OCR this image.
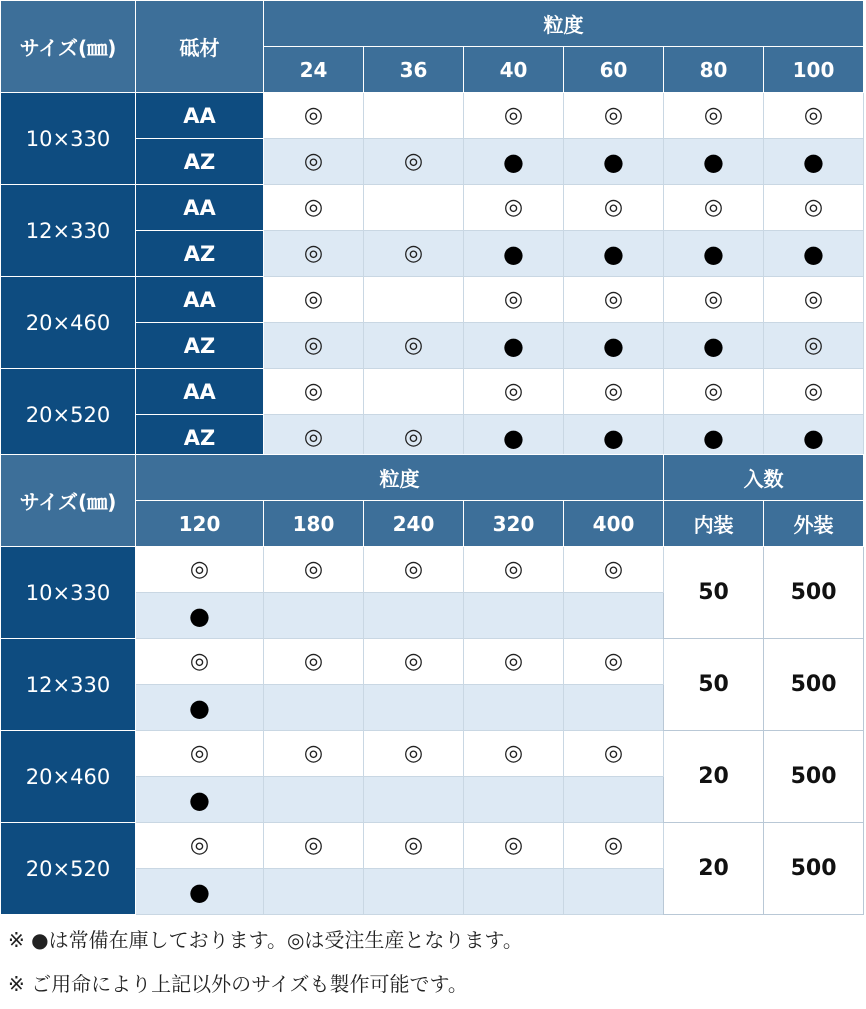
サイズ(㎜)	砥材	粒度					
		24	36	40	60	80	100
10×330	AA	◎		◎	◎	◎	◎
	AZ	◎	◎	●	●	●	●
12×330	AA	◎		◎	◎	◎	◎
	AZ	◎	◎	●	●	●	●
20×460	AA	◎		◎	◎	◎	◎
	AZ	◎	◎	●	●	●	◎
20×520	AA	◎		◎	◎	◎	◎
	AZ	◎	◎	●	●	●	●
サイズ(㎜)	粒度					入数	
	120	180	240	320	400	内装	外装
10×330	◎	◎	◎	◎	◎	50	500
	●						
12×330	◎	◎	◎	◎	◎	50	500
	●						
20×460	◎	◎	◎	◎	◎	20	500
	●						
20×520	◎	◎	◎	◎	◎	20	500
	●						
※ ●は常備在庫しております。◎は受注生産となります。
※ ご用命により上記以外のサイズも製作可能です。
